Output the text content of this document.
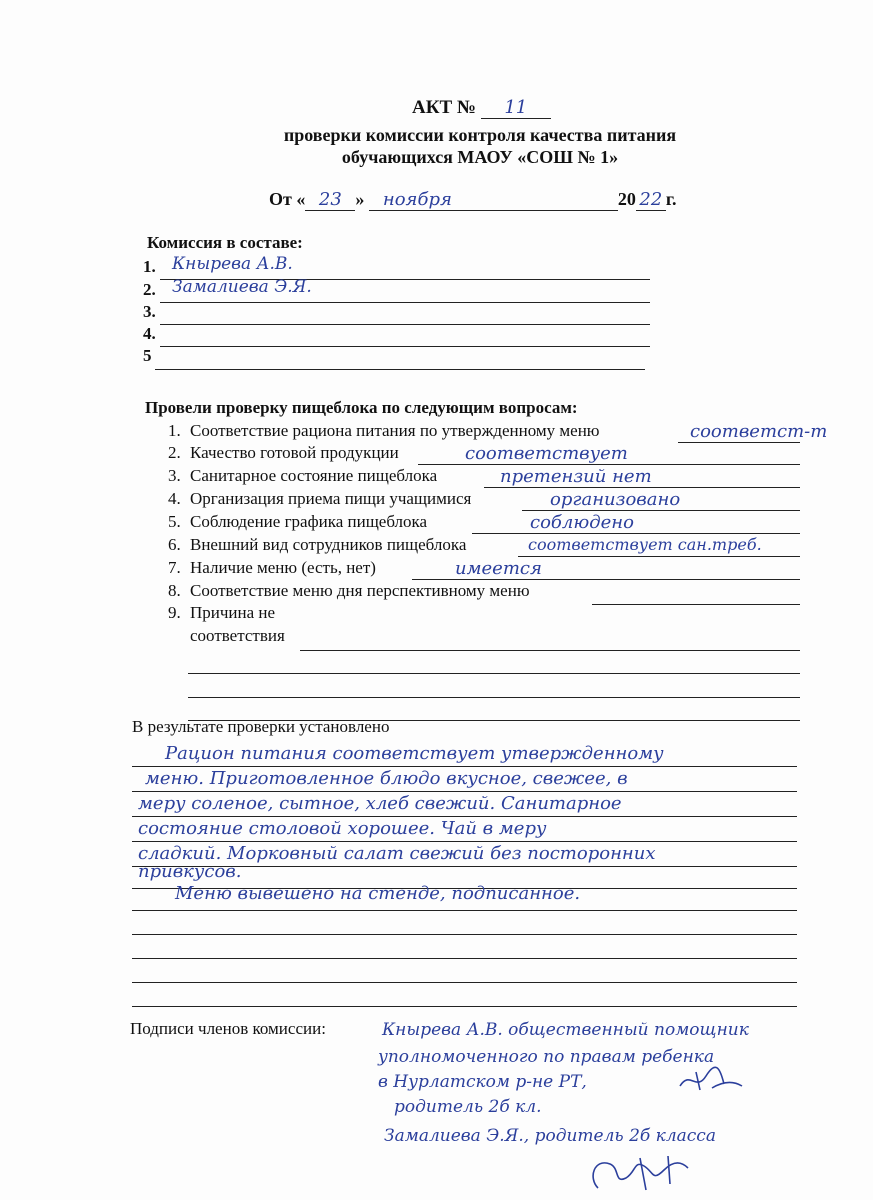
АКТ № 11
проверки комиссии контроля качества питания
обучающихся МАОУ «СОШ № 1»
От « 23 » ноября	20 22 г.
Комиссия в составе:
1. Кнырева А.В.
2. Замалиева Э.Я.
3.
4.
5
Провели проверку пищеблока по следующим вопросам:
1. Соответствие рациона питания по утвержденному меню	соответст-т
2. Качество готовой продукции	соответствует
3. Санитарное состояние пищеблока	претензий нет
4. Организация приема пищи учащимися	организовано
5. Соблюдение графика пищеблока	соблюдено
6. Внешний вид сотрудников пищеблока	соответствует сан.треб.
7. Наличие меню (есть, нет)	имеется
8. Соответствие меню дня перспективному меню
9. Причина не
соответствия
В результате проверки установлено
Рацион питания соответствует утвержденному
меню. Приготовленное блюдо вкусное, свежее, в
меру соленое, сытное, хлеб свежий. Санитарное
состояние столовой хорошее. Чай в меру
сладкий. Морковный салат свежий без посторонних
привкусов.
Меню вывешено на стенде, подписанное.
Подписи членов комиссии:	Кнырева А.В. общественный помощник
уполномоченного по правам ребенка
в Нурлатском р-не РТ,
родитель 2б кл.
Замалиева Э.Я., родитель 2б класса
